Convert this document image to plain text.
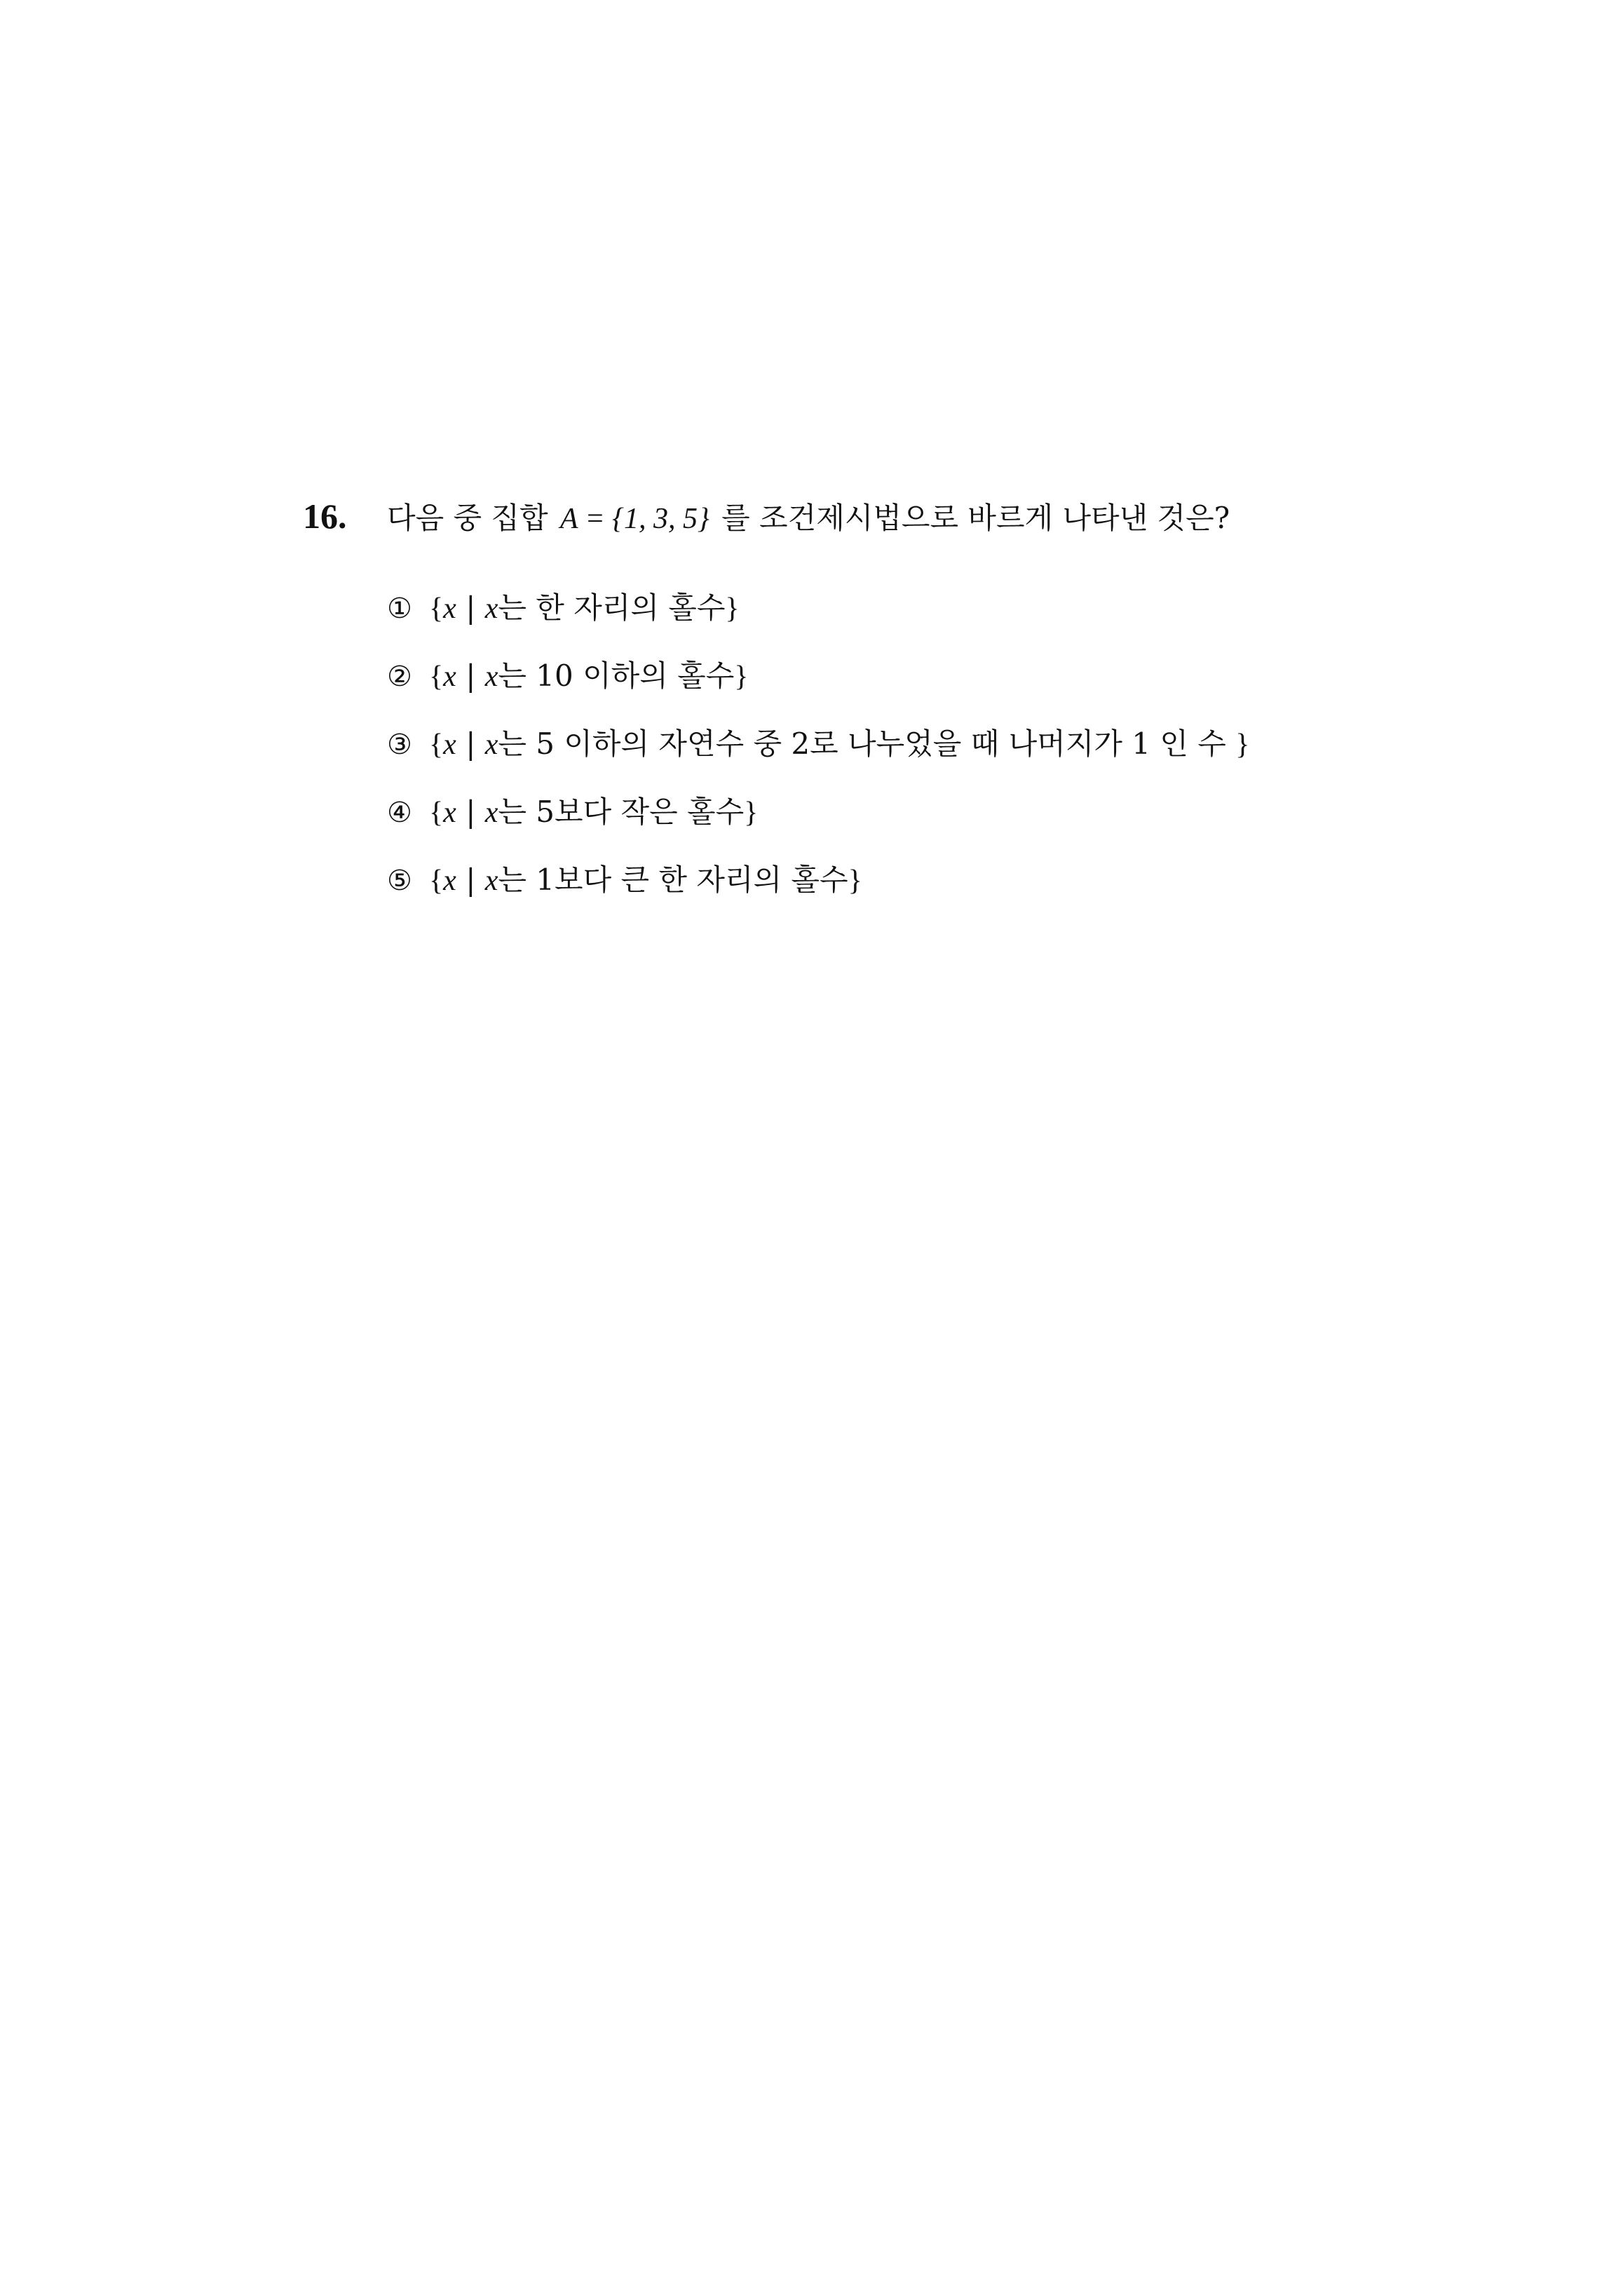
16.	다음 중 집합 A = {1, 3, 5} 를 조건제시법으로 바르게 나타낸 것은?
① { x
|
x 는 한 자리의 홀수 }
② { x
|
x 는 10 이하의 홀수 }
③ { x
|
x 는 5 이하의 자연수 중 2로 나누었을 때 나머지가 1 인 수
}
④ { x
|
x 는 5보다 작은 홀수 }
⑤ { x
|
x 는 1보다 큰 한 자리의 홀수 }
